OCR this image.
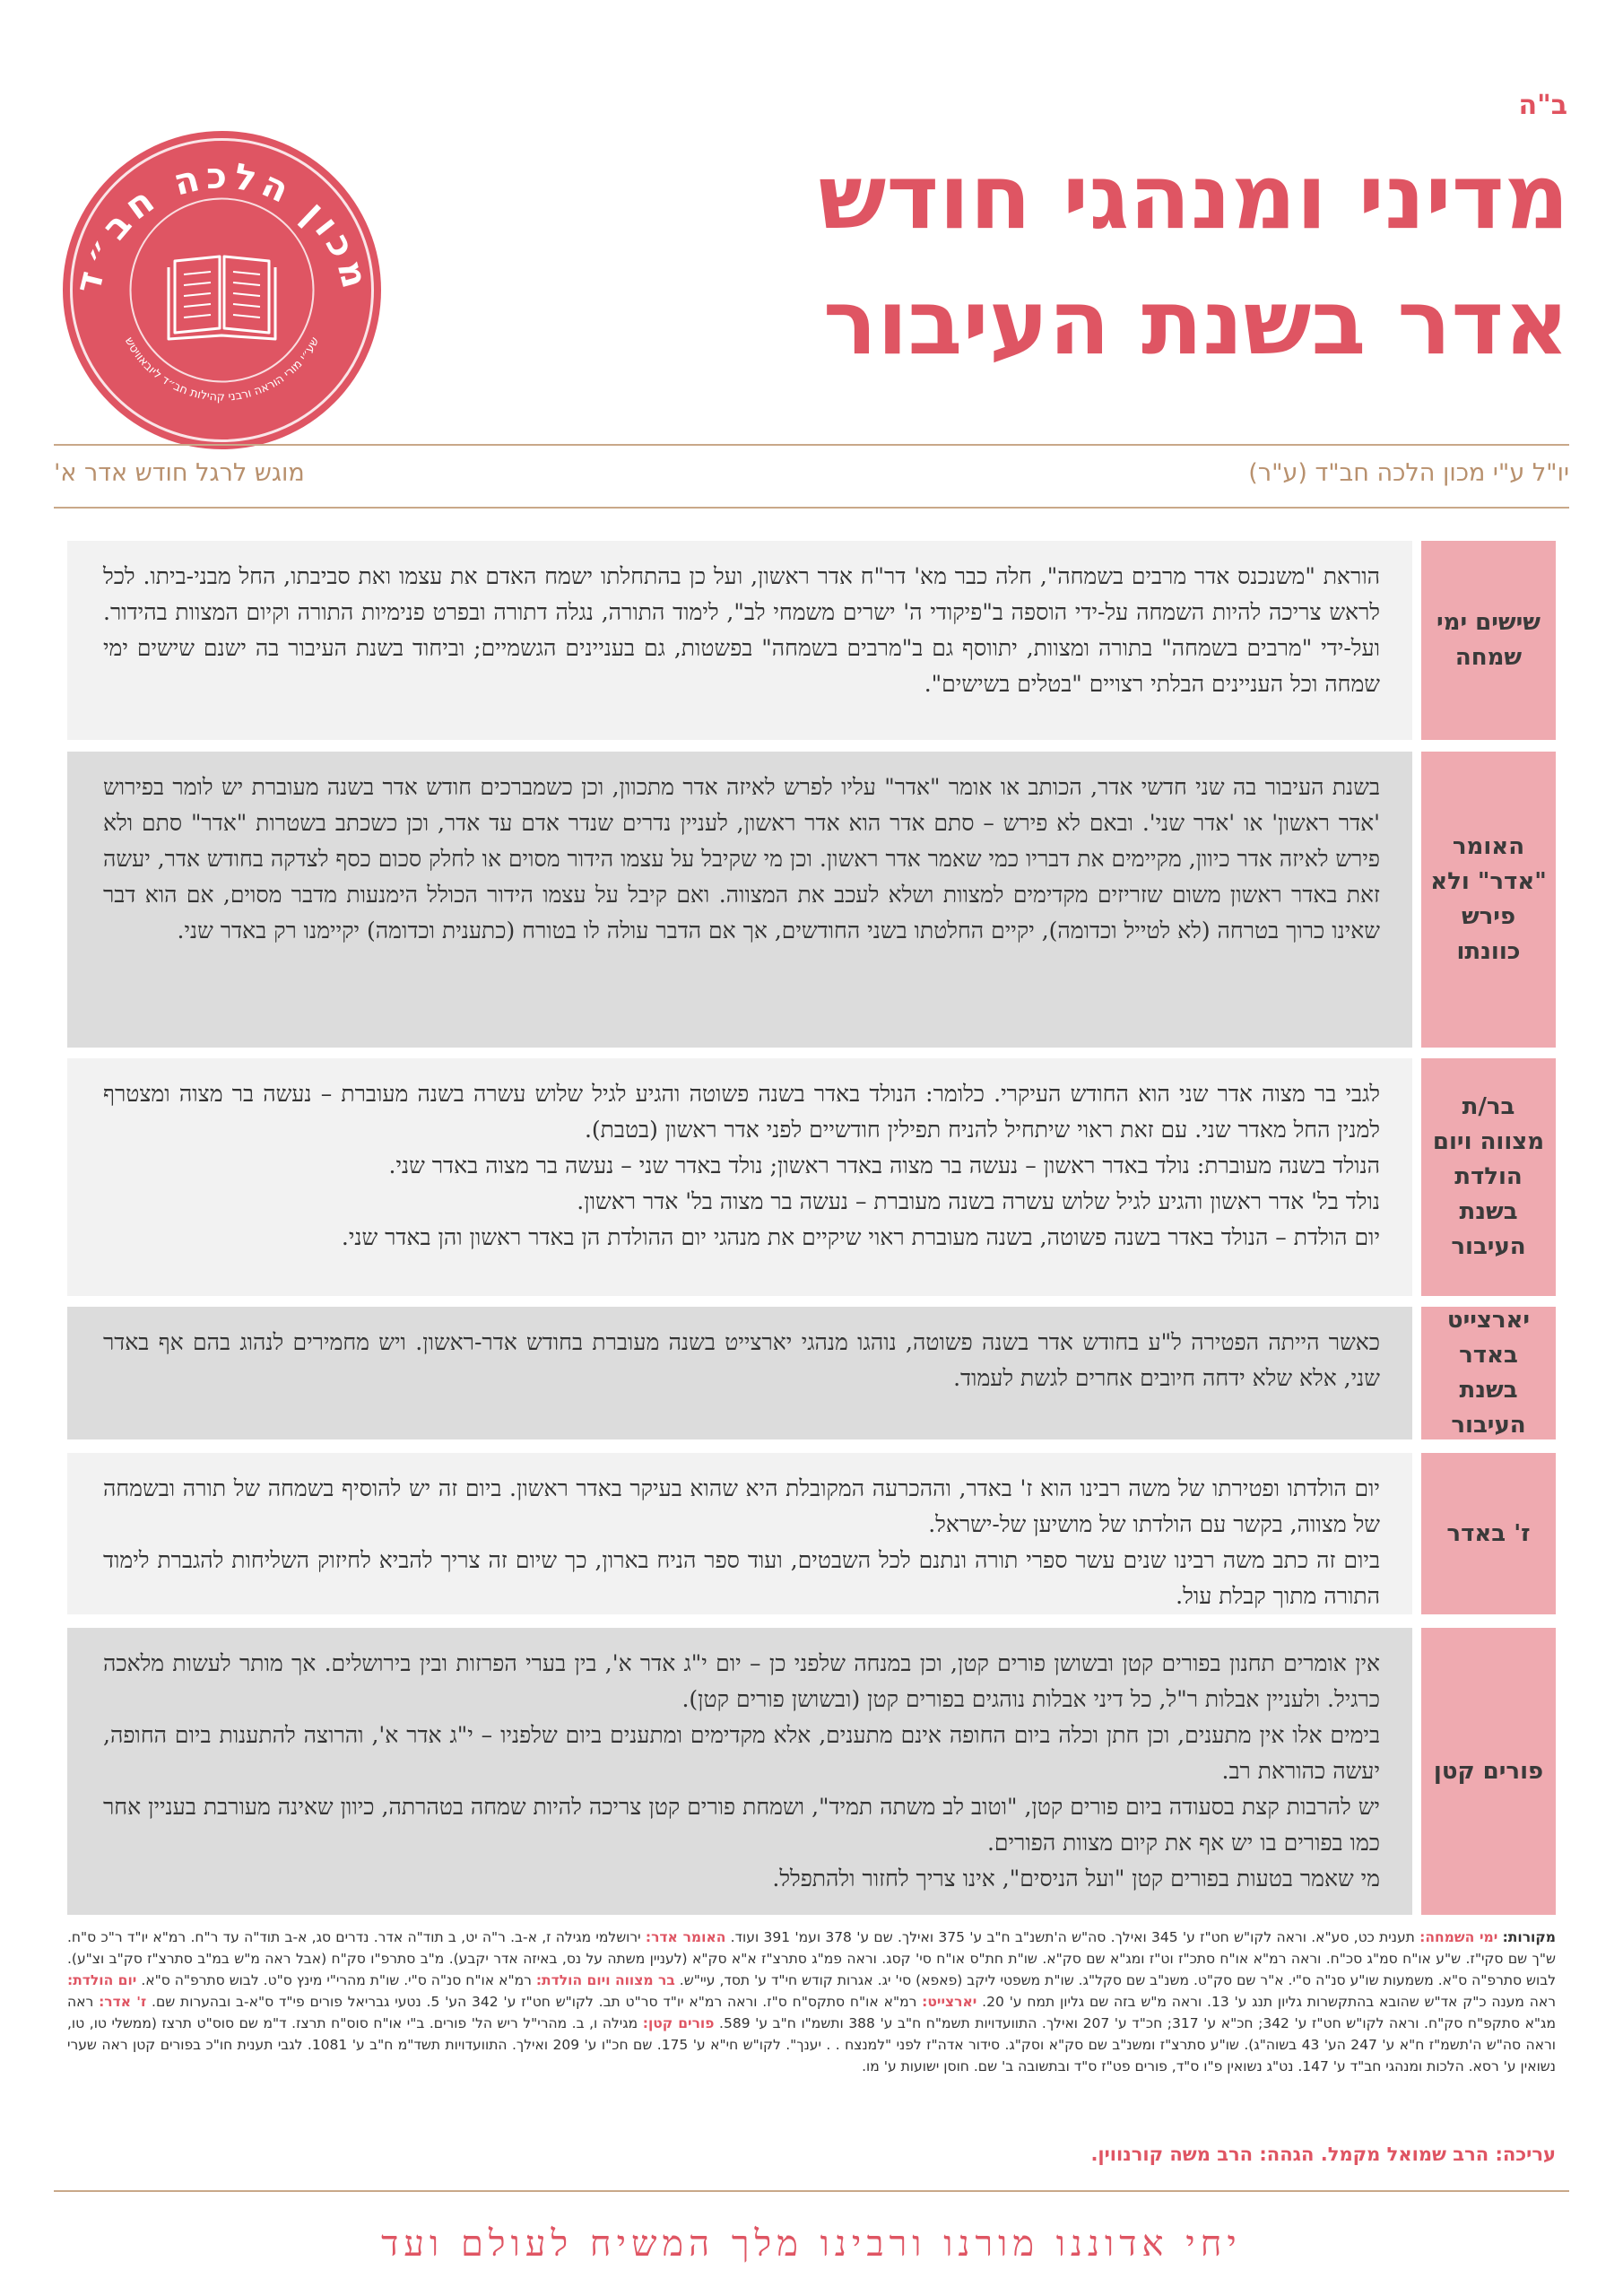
ב"ה
מדיני ומנהגי חודש
אדר בשנת העיבור
מכון הלכה חב״ד
שע״י מורי הוראה ורבני קהילות חב״ד ליובאוויטש
יו"ל ע"י מכון הלכה חב"ד (ע"ר)
מוגש לרגל חודש אדר א'
שישים ימי שמחה

הוראת "משנכנס אדר מרבים בשמחה", חלה כבר מא' דר"ח אדר ראשון, ועל כן בהתחלתו ישמח האדם את עצמו ואת סביבתו, החל מבני-ביתו. לכל לראש צריכה להיות השמחה על-ידי הוספה ב"פיקודי ה' ישרים משמחי לב", לימוד התורה, נגלה דתורה ובפרט פנימיות התורה וקיום המצוות בהידור. ועל-ידי "מרבים בשמחה" בתורה ומצוות, יתווסף גם ב"מרבים בשמחה" בפשטות, גם בעניינים הגשמיים; וביחוד בשנת העיבור בה ישנם שישים ימי שמחה וכל העניינים הבלתי רצויים "בטלים בשישים".

האומר "אדר" ולא פירש כוונתו

בשנת העיבור בה שני חדשי אדר, הכותב או אומר "אדר" עליו לפרש לאיזה אדר מתכוון, וכן כשמברכים חודש אדר בשנה מעוברת יש לומר בפירוש 'אדר ראשון' או 'אדר שני'. ובאם לא פירש – סתם אדר הוא אדר ראשון, לעניין נדרים שנדר אדם עד אדר, וכן כשכתב בשטרות "אדר" סתם ולא פירש לאיזה אדר כיוון, מקיימים את דבריו כמי שאמר אדר ראשון. וכן מי שקיבל על עצמו הידור מסוים או לחלק סכום כסף לצדקה בחודש אדר, יעשה זאת באדר ראשון משום שזריזים מקדימים למצוות ושלא לעכב את המצווה. ואם קיבל על עצמו הידור הכולל הימנעות מדבר מסוים, אם הוא דבר שאינו כרוך בטרחה (לא לטייל וכדומה), יקיים החלטתו בשני החודשים, אך אם הדבר עולה לו בטורח (כתענית וכדומה) יקיימנו רק באדר שני.

בר/ת מצווה ויום הולדת בשנת העיבור

לגבי בר מצוה אדר שני הוא החודש העיקרי. כלומר: הנולד באדר בשנה פשוטה והגיע לגיל שלוש עשרה בשנה מעוברת – נעשה בר מצוה ומצטרף למנין החל מאדר שני. עם זאת ראוי שיתחיל להניח תפילין חודשיים לפני אדר ראשון (בטבת).

הנולד בשנה מעוברת: נולד באדר ראשון – נעשה בר מצוה באדר ראשון; נולד באדר שני – נעשה בר מצוה באדר שני.

נולד בל' אדר ראשון והגיע לגיל שלוש עשרה בשנה מעוברת – נעשה בר מצוה בל' אדר ראשון.

יום הולדת – הנולד באדר בשנה פשוטה, בשנה מעוברת ראוי שיקיים את מנהגי יום ההולדת הן באדר ראשון והן באדר שני.

יארצייט באדר בשנת העיבור

כאשר הייתה הפטירה ל"ע בחודש אדר בשנה פשוטה, נוהגו מנהגי יארצייט בשנה מעוברת בחודש אדר-ראשון. ויש מחמירים לנהוג בהם אף באדר שני, אלא שלא ידחה חיובים אחרים לגשת לעמוד.

ז' באדר

יום הולדתו ופטירתו של משה רבינו הוא ז' באדר, וההכרעה המקובלת היא שהוא בעיקר באדר ראשון. ביום זה יש להוסיף בשמחה של תורה ובשמחה של מצווה, בקשר עם הולדתו של מושיען של-ישראל.

ביום זה כתב משה רבינו שנים עשר ספרי תורה ונתנם לכל השבטים, ועוד ספר הניח בארון, כך שיום זה צריך להביא לחיזוק השליחות להגברת לימוד התורה מתוך קבלת עול.

פורים קטן

אין אומרים תחנון בפורים קטן ובשושן פורים קטן, וכן במנחה שלפני כן – יום י"ג אדר א', בין בערי הפרזות ובין בירושלים. אך מותר לעשות מלאכה כרגיל. ולעניין אבלות ר"ל, כל דיני אבלות נוהגים בפורים קטן (ובשושן פורים קטן).

בימים אלו אין מתענים, וכן חתן וכלה ביום החופה אינם מתענים, אלא מקדימים ומתענים ביום שלפניו – י"ג אדר א', והרוצה להתענות ביום החופה, יעשה כהוראת רב.

יש להרבות קצת בסעודה ביום פורים קטן, "וטוב לב משתה תמיד", ושמחת פורים קטן צריכה להיות שמחה בטהרתה, כיוון שאינה מעורבת בעניין אחר כמו בפורים בו יש אף את קיום מצוות הפורים.

מי שאמר בטעות בפורים קטן "ועל הניסים", אינו צריך לחזור ולהתפלל.

מקורות: ימי השמחה: תענית כט, סע"א. וראה לקו"ש חט"ז ע' 345 ואילך. סה"ש ה'תשנ"ב ח"ב ע' 375 ואילך. שם ע' 378 ועמ' 391 ועוד. האומר אדר: ירושלמי מגילה ז, א-ב. ר"ה יט, ב תוד"ה אדר. נדרים סג, א-ב תוד"ה עד ר"ח. רמ"א יו"ד ר"כ ס"ח. ש"ך שם סקי"ז. ש"ע או"ח סמ"ג סכ"ח. וראה רמ"א או"ח סתכ"ז וט"ז ומג"א שם סק"א. שו"ת חת"ס או"ח סי' קסג. וראה פמ"ג סתרצ"ז א"א סק"א (לעניין משתה על נס, באיזה אדר יקבע). מ"ב סתרפ"ו סק"ח (אבל ראה מ"ש במ"ב סתרצ"ז סק"ב וצ"ע). לבוש סתרפ"ה ס"א. משמעות שו"ע סנ"ה ס"י. א"ר שם סק"ט. משנ"ב שם סקל"ג. שו"ת משפטי ליקב (פאפא) סי' יג. אגרות קודש חי"ד ע' תסד, עיי"ש. בר מצווה ויום הולדת: רמ"א או"ח סנ"ה ס"י. שו"ת מהרי"י מינץ ס"ט. לבוש סתרפ"ה ס"א. יום הולדת: ראה מענה כ"ק אד"ש שהובא בהתקשרות גליון תנג ע' 13. וראה מ"ש בזה שם גליון תמח ע' 20. יארצייט: רמ"א או"ח סתקס"ח ס"ז. וראה רמ"א יו"ד סר"ט תב. לקו"ש חט"ז ע' 342 הע' 5. נטעי גבריאל פורים פי"ד ס"א-ב ובהערות שם. ז' אדר: ראה מג"א סתקפ"ח סק"ח. וראה לקו"ש חט"ז ע' 342; חכ"א ע' 317; חכ"ד ע' 207 ואילך. התוועדויות תשמ"ח ח"ב ע' 388 ותשמ"ו ח"ב ע' 589. פורים קטן: מגילה ו, ב. מהרי"ל ריש הל' פורים. ב"י או"ח סוס"ח תרצז. ד"מ שם סוס"ט תרצז (ממשלי טו, טו, וראה סה"ש ה'תשמ"ז ח"א ע' 247 הע' 43 בשוה"ג). שו"ע סתרצ"ז ומשנ"ב שם סק"א וסק"ג. סידור אדה"ז לפני "למנצח . . יענך". לקו"ש חי"א ע' 175. שם חכ"ו ע' 209 ואילך. התוועדויות תשד"מ ח"ב ע' 1081. לגבי תענית חו"כ בפורים קטן ראה שערי נשואין ע' רסא. הלכות ומנהגי חב"ד ע' 147. נט"ג נשואין פ"ו ס"ד, פורים פט"ז ס"ד ובתשובה ב' שם. חוסן ישועות ע' מו.
עריכה: הרב שמואל מקמל. הגהה: הרב משה קורנווין.
יחי אדוננו מורנו ורבינו מלך המשיח לעולם ועד
